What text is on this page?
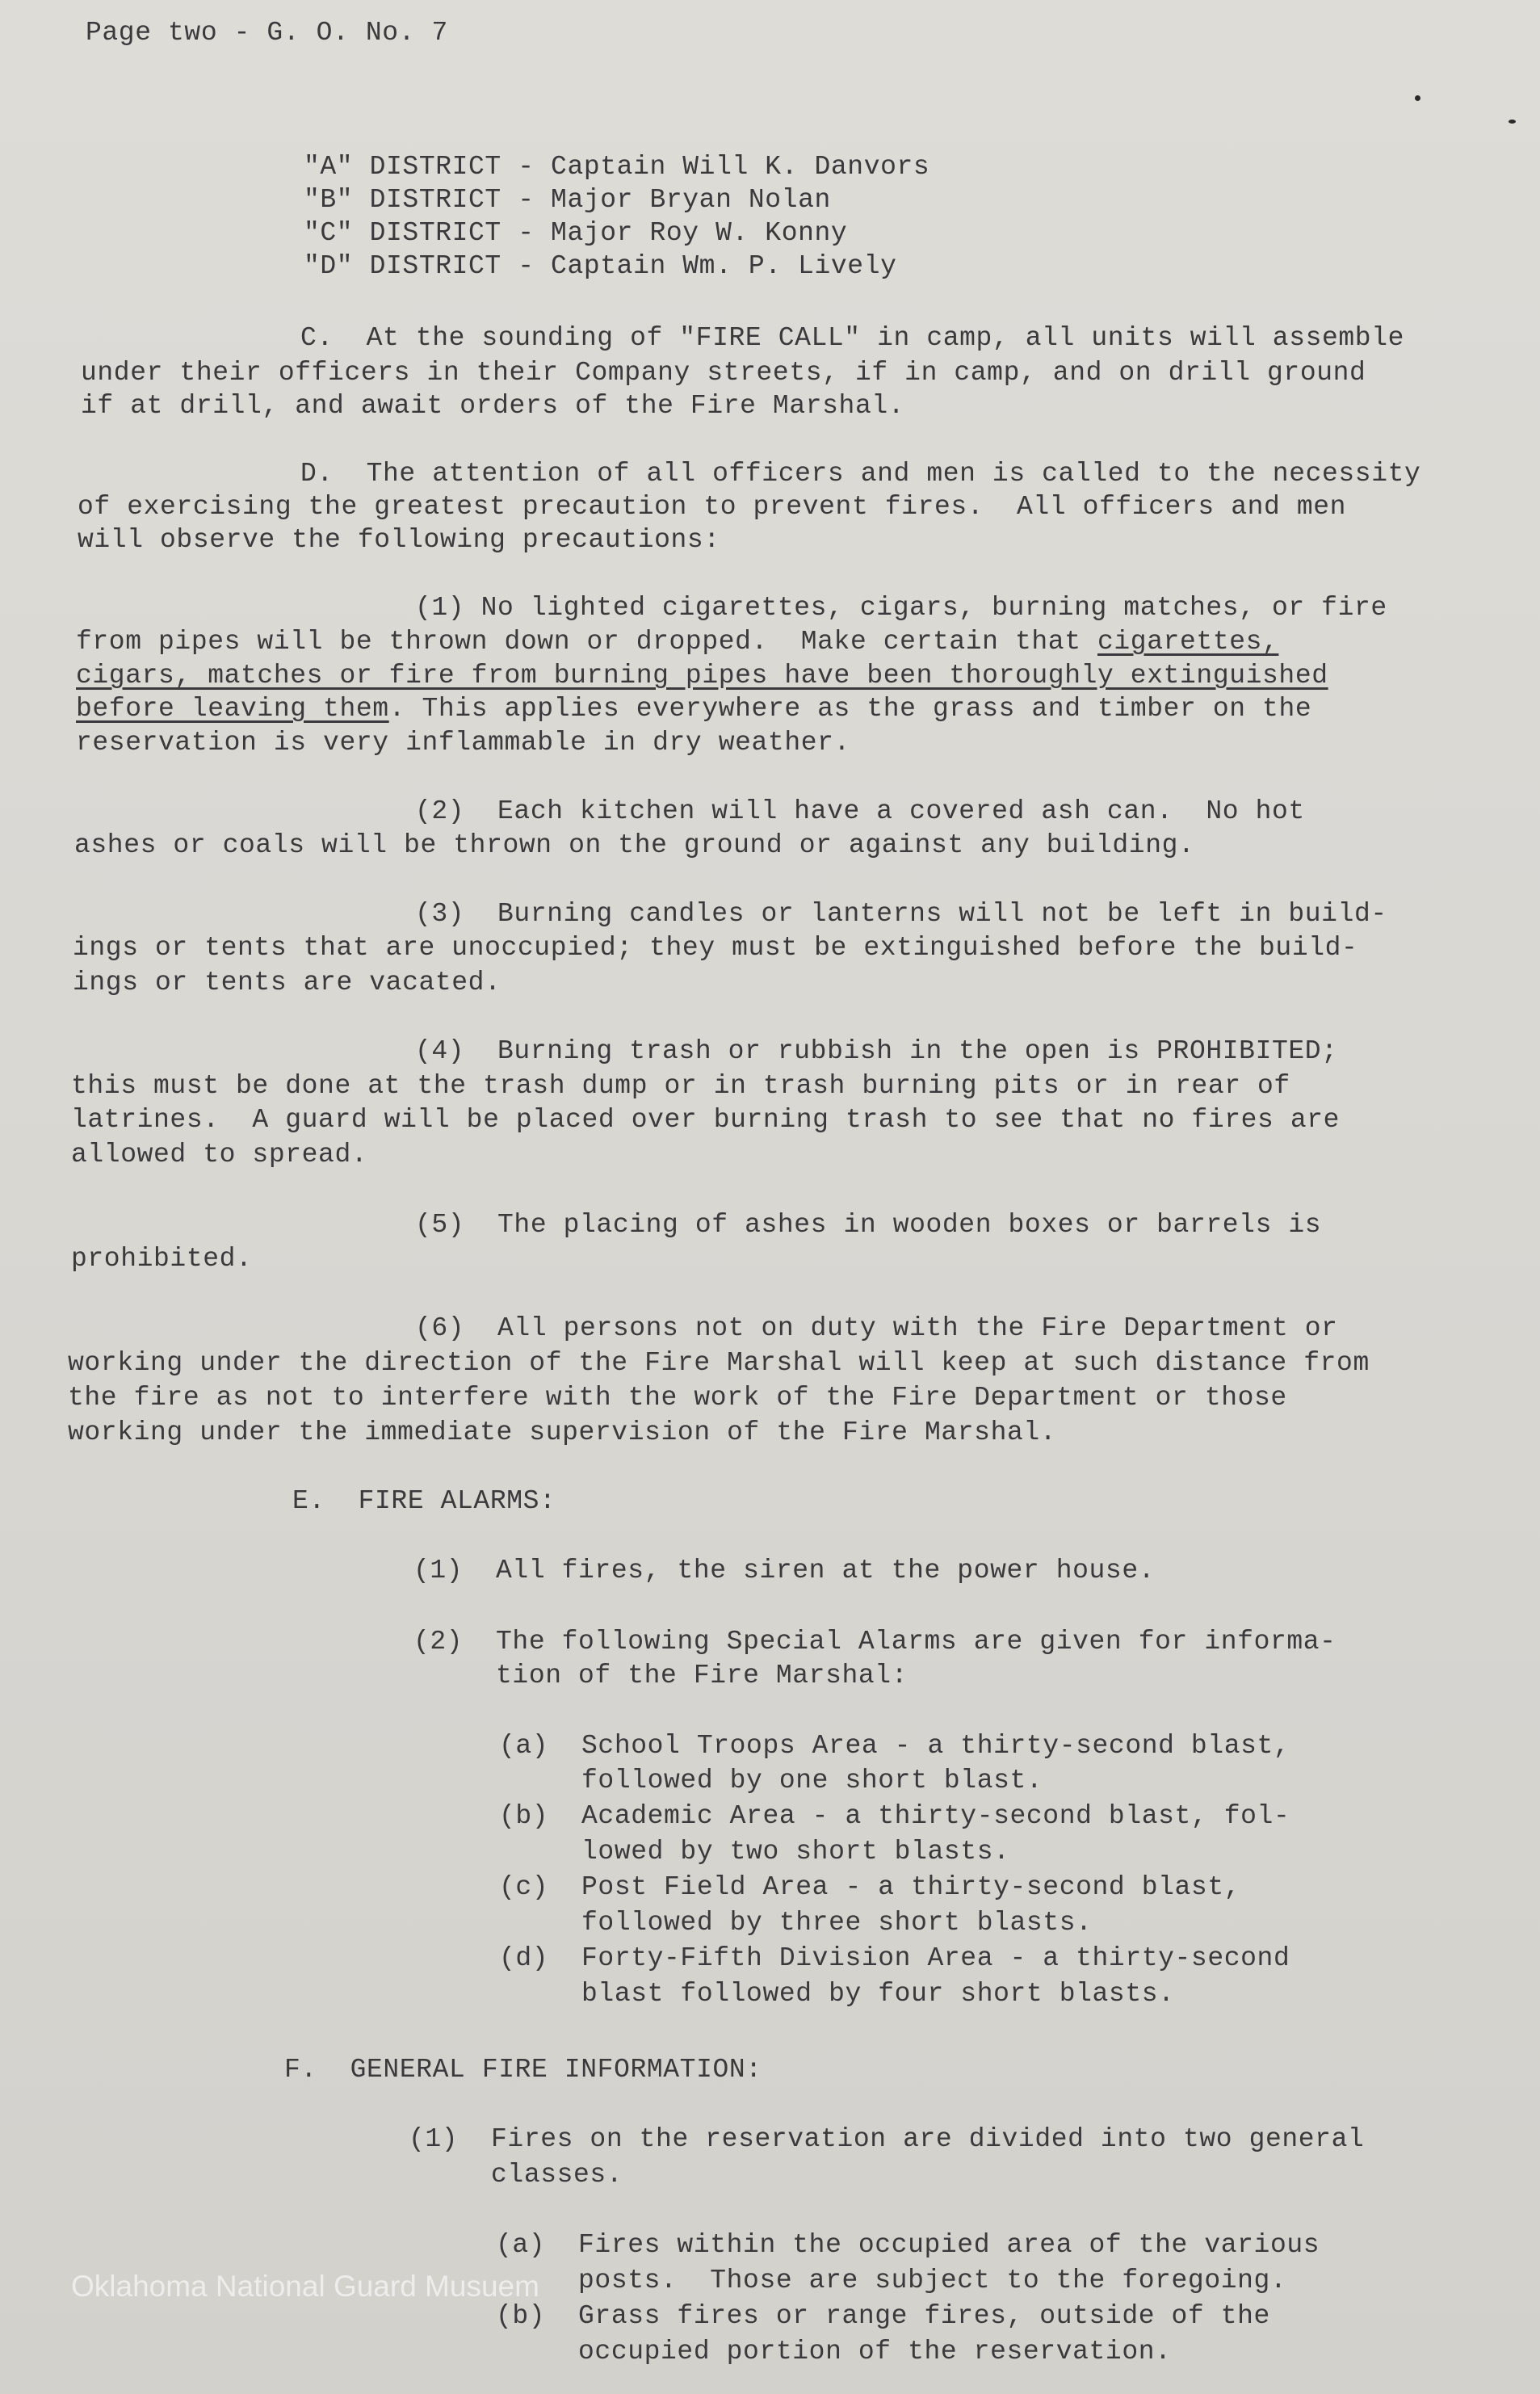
Page two - G. O. No. 7
"A" DISTRICT - Captain Will K. Danvors
"B" DISTRICT - Major Bryan Nolan
"C" DISTRICT - Major Roy W. Konny
"D" DISTRICT - Captain Wm. P. Lively
C.  At the sounding of "FIRE CALL" in camp, all units will assemble
under their officers in their Company streets, if in camp, and on drill ground
if at drill, and await orders of the Fire Marshal.
D.  The attention of all officers and men is called to the necessity
of exercising the greatest precaution to prevent fires.  All officers and men
will observe the following precautions:
(1) No lighted cigarettes, cigars, burning matches, or fire
from pipes will be thrown down or dropped.  Make certain that cigarettes,
cigars, matches or fire from burning pipes have been thoroughly extinguished
before leaving them. This applies everywhere as the grass and timber on the
reservation is very inflammable in dry weather.
(2)  Each kitchen will have a covered ash can.  No hot
ashes or coals will be thrown on the ground or against any building.
(3)  Burning candles or lanterns will not be left in build-
ings or tents that are unoccupied; they must be extinguished before the build-
ings or tents are vacated.
(4)  Burning trash or rubbish in the open is PROHIBITED;
this must be done at the trash dump or in trash burning pits or in rear of
latrines.  A guard will be placed over burning trash to see that no fires are
allowed to spread.
(5)  The placing of ashes in wooden boxes or barrels is
prohibited.
(6)  All persons not on duty with the Fire Department or
working under the direction of the Fire Marshal will keep at such distance from
the fire as not to interfere with the work of the Fire Department or those
working under the immediate supervision of the Fire Marshal.
E.  FIRE ALARMS:
(1)  All fires, the siren at the power house.
(2)  The following Special Alarms are given for informa-
tion of the Fire Marshal:
(a)  School Troops Area - a thirty-second blast,
followed by one short blast.
(b)  Academic Area - a thirty-second blast, fol-
lowed by two short blasts.
(c)  Post Field Area - a thirty-second blast,
followed by three short blasts.
(d)  Forty-Fifth Division Area - a thirty-second
blast followed by four short blasts.
F.  GENERAL FIRE INFORMATION:
(1)  Fires on the reservation are divided into two general
classes.
(a)  Fires within the occupied area of the various
posts.  Those are subject to the foregoing.
(b)  Grass fires or range fires, outside of the
occupied portion of the reservation.
Oklahoma National Guard Musuem
